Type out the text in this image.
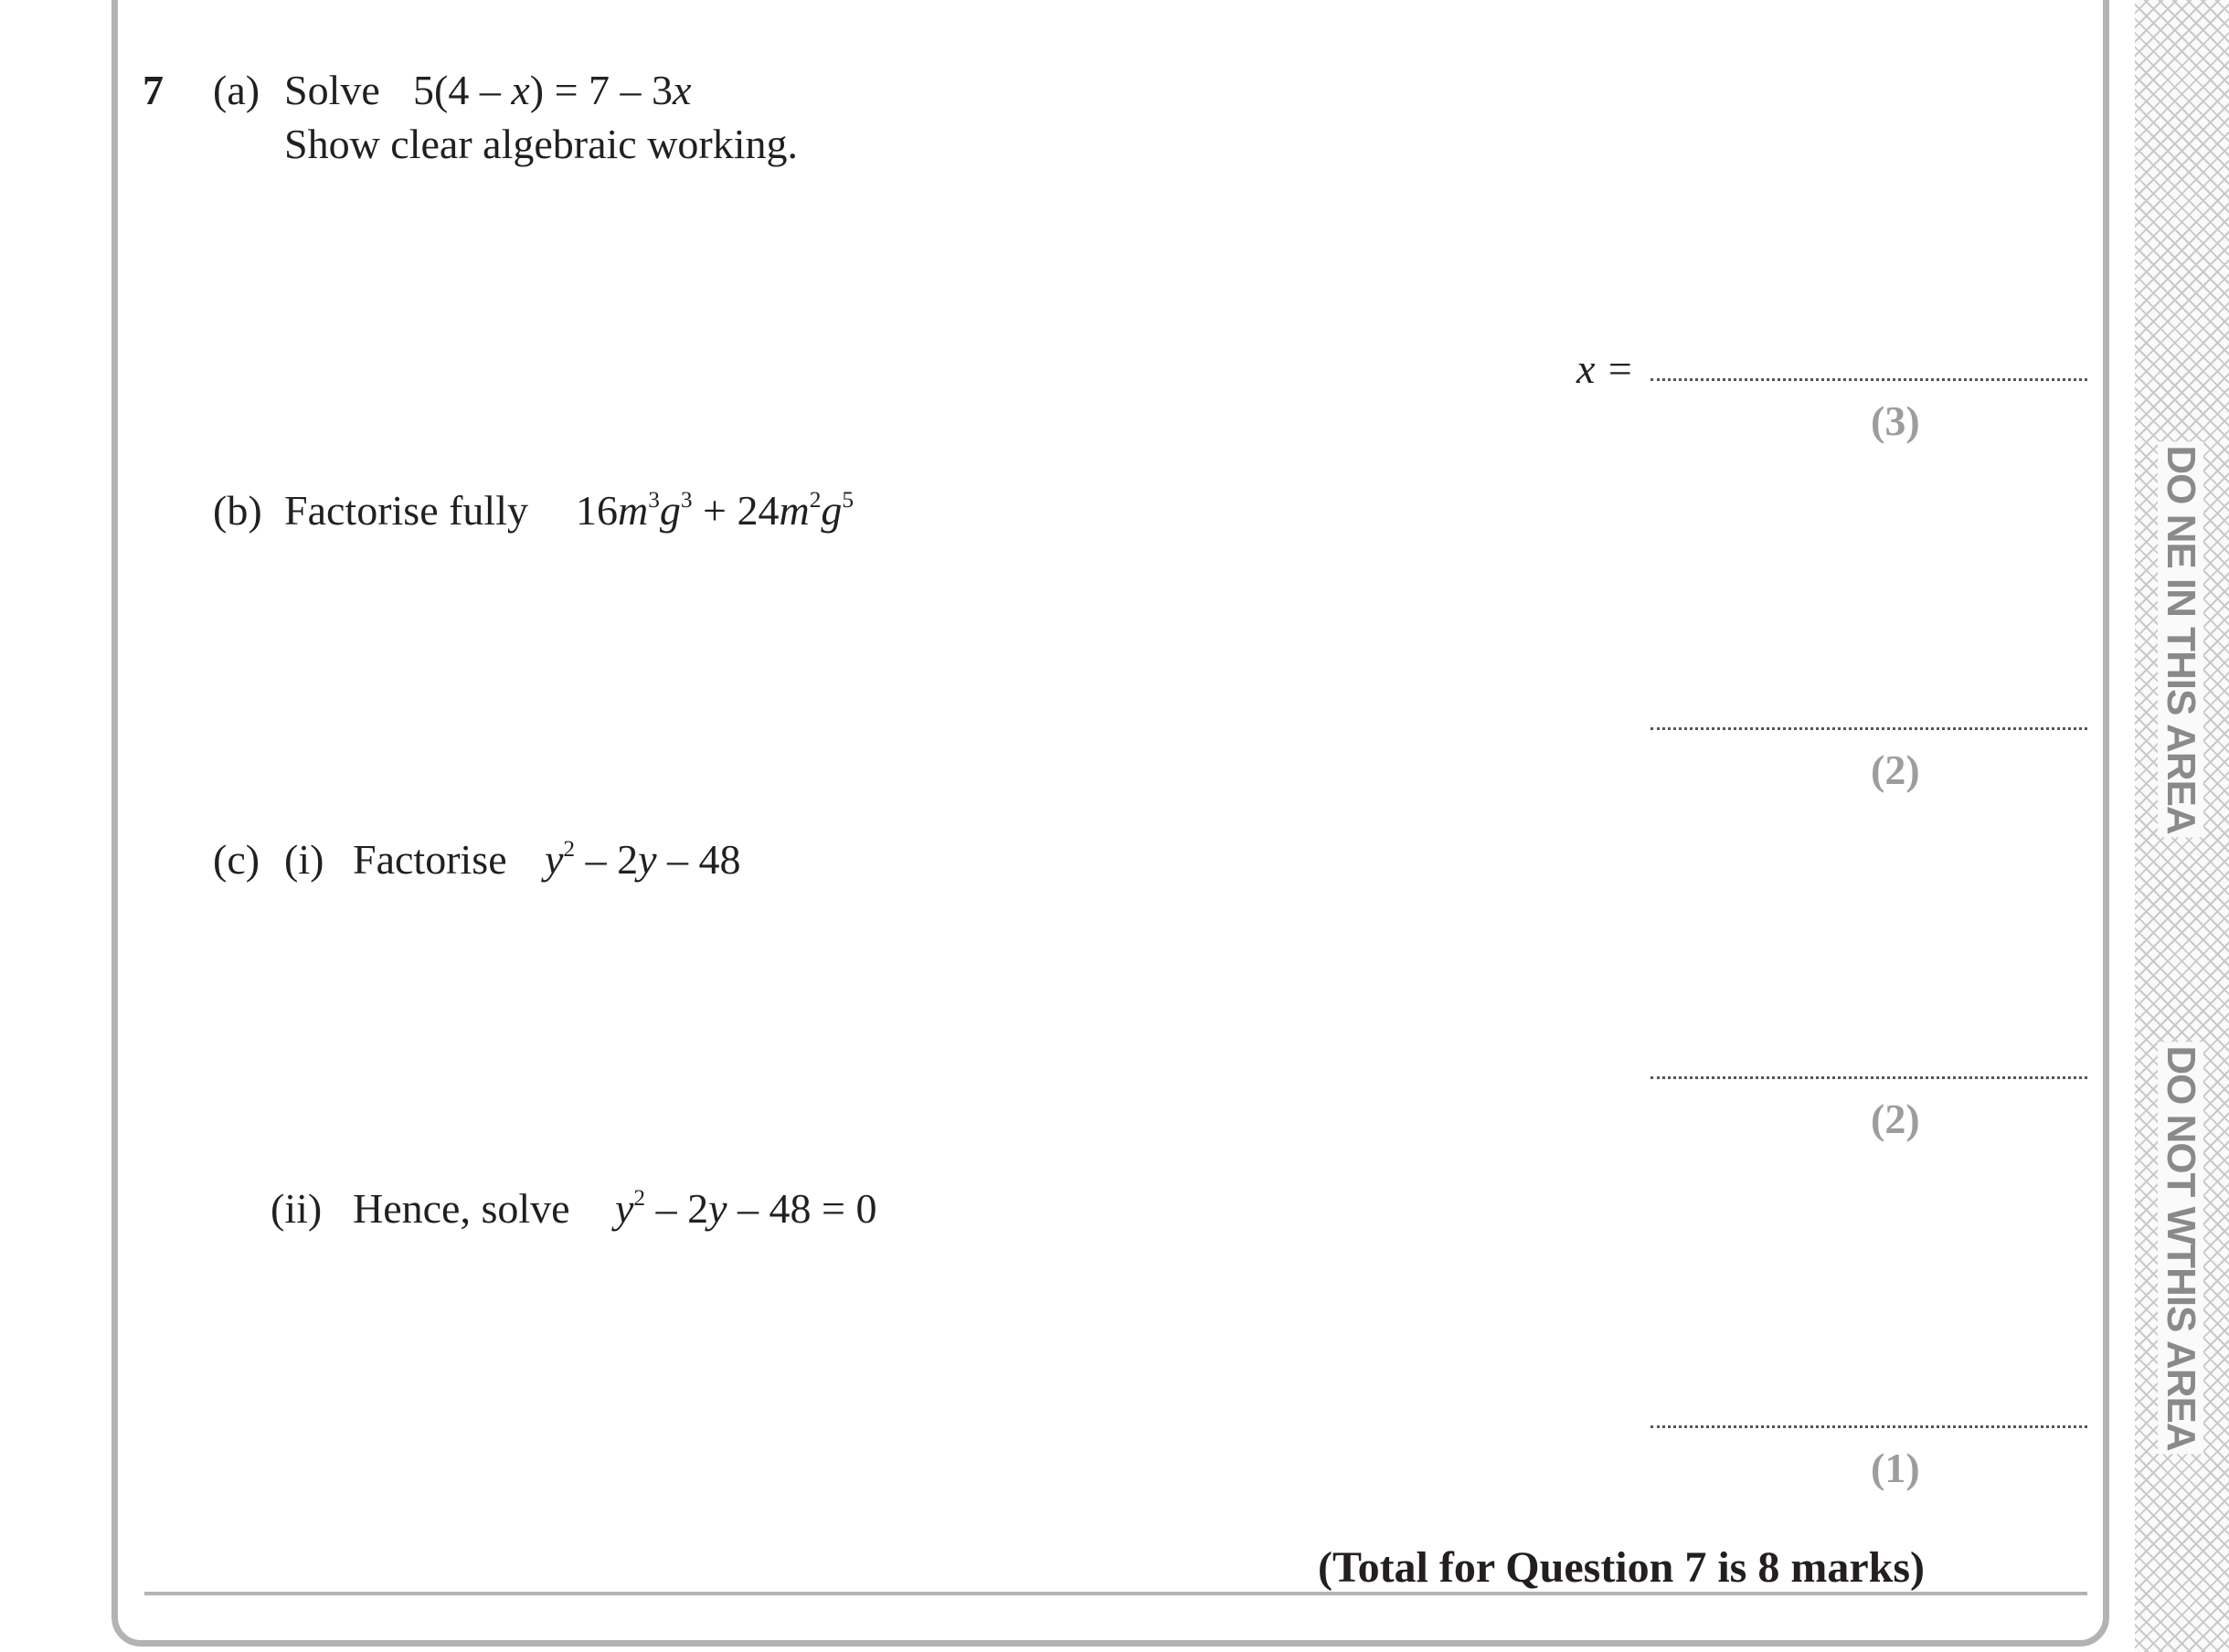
DO NE IN THIS AREA
DO NOT WTHIS AREA
7 (a) Solve 5(4 – x) = 7 – 3x
Show clear algebraic working.
x =
(3)
(b) Factorise fully $16m^3g^3 + 24m^2g^5$
(2)
(c) (i) Factorise $y^2 - 2y - 48$
(2)
(ii) Hence, solve $y^2 - 2y - 48 = 0$
(1)
(Total for Question 7 is 8 marks)
